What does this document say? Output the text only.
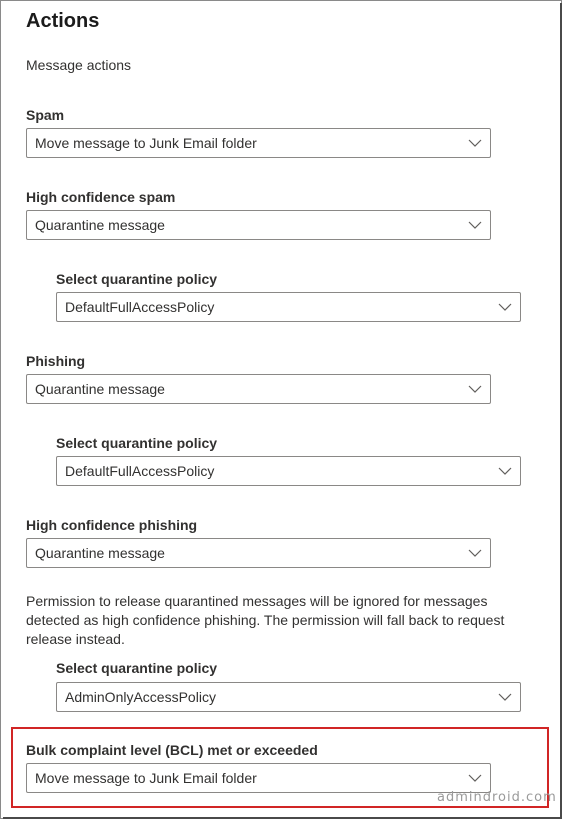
Actions
Message actions
Spam
Move message to Junk Email folder
High confidence spam
Quarantine message
Select quarantine policy
DefaultFullAccessPolicy
Phishing
Quarantine message
Select quarantine policy
DefaultFullAccessPolicy
High confidence phishing
Quarantine message
Permission to release quarantined messages will be ignored for messages detected as high confidence phishing. The permission will fall back to request release instead.
Select quarantine policy
AdminOnlyAccessPolicy
Bulk complaint level (BCL) met or exceeded
Move message to Junk Email folder
admindroid.com
